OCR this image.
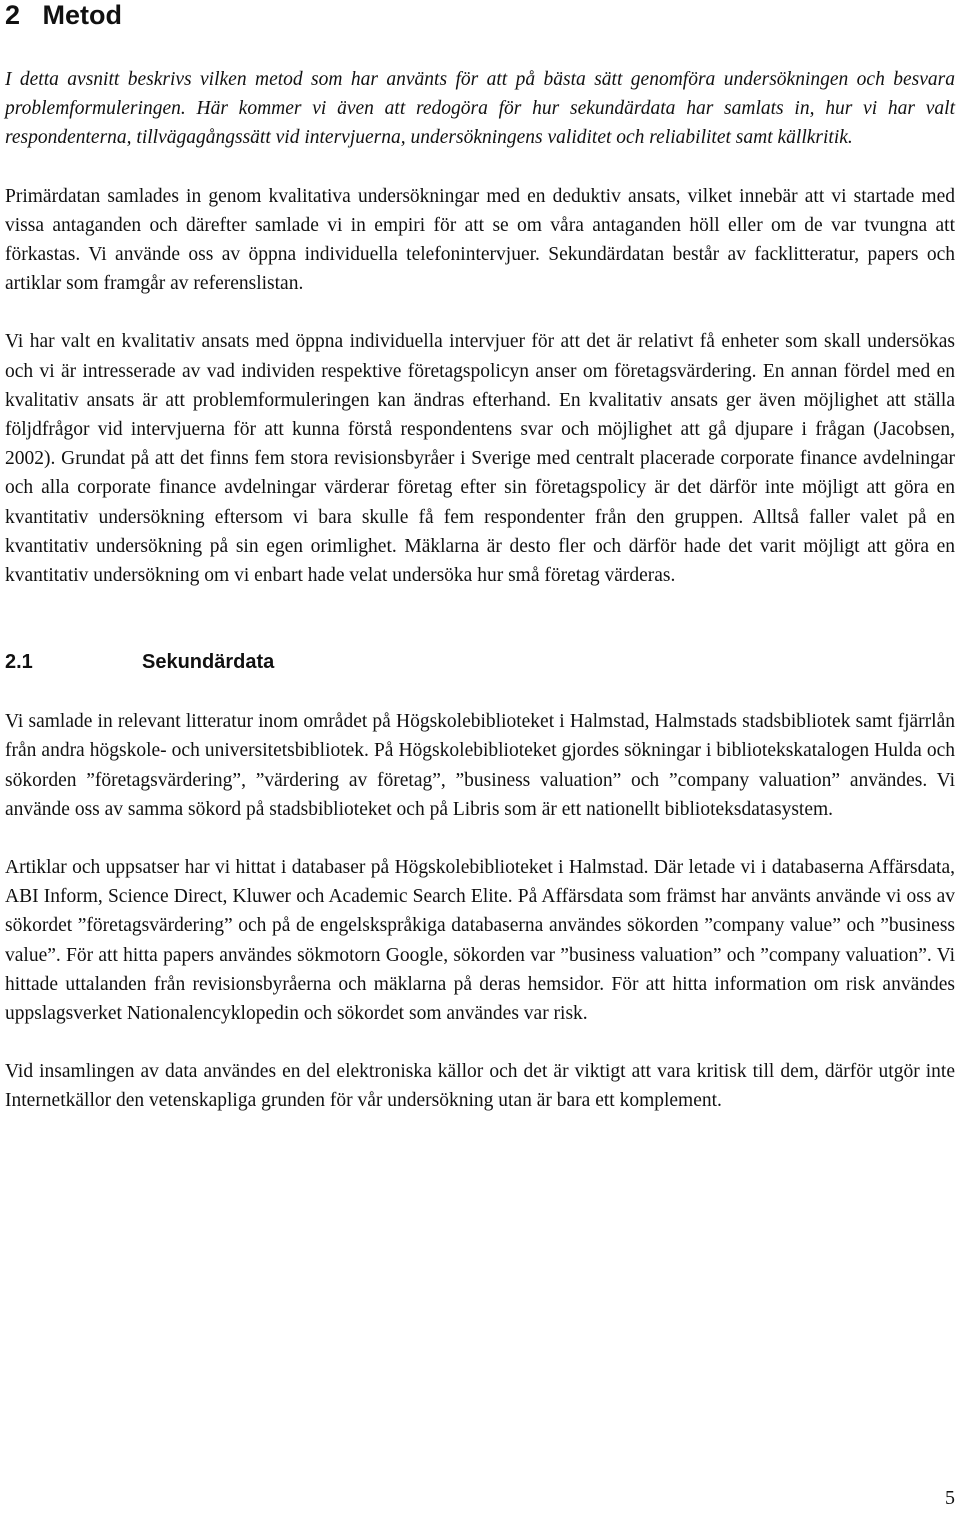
2 Metod

I detta avsnitt beskrivs vilken metod som har använts för att på bästa sätt genomföra undersökningen och besvara problemformuleringen. Här kommer vi även att redogöra för hur sekundärdata har samlats in, hur vi har valt respondenterna, tillvägagångssätt vid intervjuerna, undersökningens validitet och reliabilitet samt källkritik.

Primärdatan samlades in genom kvalitativa undersökningar med en deduktiv ansats, vilket innebär att vi startade med vissa antaganden och därefter samlade vi in empiri för att se om våra antaganden höll eller om de var tvungna att förkastas. Vi använde oss av öppna individuella telefonintervjuer. Sekundärdatan består av facklitteratur, papers och artiklar som framgår av referenslistan.

Vi har valt en kvalitativ ansats med öppna individuella intervjuer för att det är relativt få enheter som skall undersökas och vi är intresserade av vad individen respektive företagspolicyn anser om företagsvärdering. En annan fördel med en kvalitativ ansats är att problemformuleringen kan ändras efterhand. En kvalitativ ansats ger även möjlighet att ställa följdfrågor vid intervjuerna för att kunna förstå respondentens svar och möjlighet att gå djupare i frågan (Jacobsen, 2002). Grundat på att det finns fem stora revisionsbyråer i Sverige med centralt placerade corporate finance avdelningar och alla corporate finance avdelningar värderar företag efter sin företagspolicy är det därför inte möjligt att göra en kvantitativ undersökning eftersom vi bara skulle få fem respondenter från den gruppen. Alltså faller valet på en kvantitativ undersökning på sin egen orimlighet. Mäklarna är desto fler och därför hade det varit möjligt att göra en kvantitativ undersökning om vi enbart hade velat undersöka hur små företag värderas.

2.1	Sekundärdata

Vi samlade in relevant litteratur inom området på Högskolebiblioteket i Halmstad, Halmstads stadsbibliotek samt fjärrlån från andra högskole- och universitetsbibliotek. På Högskolebiblioteket gjordes sökningar i bibliotekskatalogen Hulda och sökorden ”företagsvärdering”, ”värdering av företag”, ”business valuation” och ”company valuation” användes. Vi använde oss av samma sökord på stadsbiblioteket och på Libris som är ett nationellt biblioteksdatasystem.

Artiklar och uppsatser har vi hittat i databaser på Högskolebiblioteket i Halmstad. Där letade vi i databaserna Affärsdata, ABI Inform, Science Direct, Kluwer och Academic Search Elite. På Affärsdata som främst har använts använde vi oss av sökordet ”företagsvärdering” och på de engelskspråkiga databaserna användes sökorden ”company value” och ”business value”. För att hitta papers användes sökmotorn Google, sökorden var ”business valuation” och ”company valuation”. Vi hittade uttalanden från revisionsbyråerna och mäklarna på deras hemsidor. För att hitta information om risk användes uppslagsverket Nationalencyklopedin och sökordet som användes var risk.

Vid insamlingen av data användes en del elektroniska källor och det är viktigt att vara kritisk till dem, därför utgör inte Internetkällor den vetenskapliga grunden för vår undersökning utan är bara ett komplement.

5
